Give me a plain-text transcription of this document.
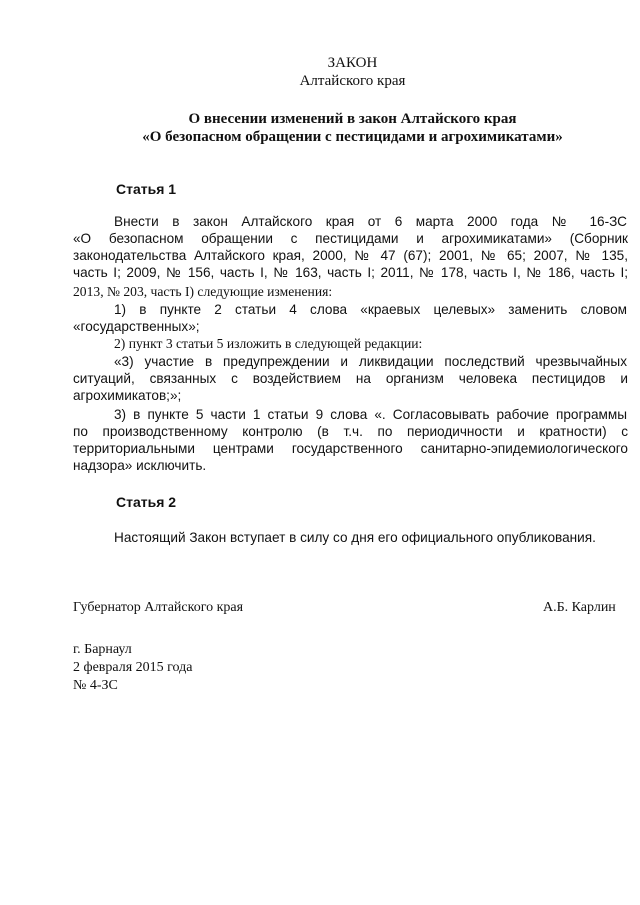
ЗАКОН
Алтайского края
О внесении изменений в закон Алтайского края
«О безопасном обращении с пестицидами и агрохимикатами»
Статья 1
Внести в закон Алтайского края от 6 марта 2000 года № 16-ЗС
«О безопасном обращении с пестицидами и агрохимикатами» (Сборник
законодательства Алтайского края, 2000, № 47 (67); 2001, № 65; 2007, № 135,
часть I; 2009, № 156, часть I, № 163, часть I; 2011, № 178, часть I, № 186, часть I;
2013, № 203, часть I) следующие изменения:
1) в пункте 2 статьи 4 слова «краевых целевых» заменить словом
«государственных»;
2) пункт 3 статьи 5 изложить в следующей редакции:
«3) участие в предупреждении и ликвидации последствий чрезвычайных
ситуаций, связанных с воздействием на организм человека пестицидов и
агрохимикатов;»;
3) в пункте 5 части 1 статьи 9 слова «. Согласовывать рабочие программы
по производственному контролю (в т.ч. по периодичности и кратности) с
территориальными центрами государственного санитарно-эпидемиологического
надзора» исключить.
Статья 2
Настоящий Закон вступает в силу со дня его официального опубликования.
Губернатор Алтайского края	А.Б. Карлин
г. Барнаул
2 февраля 2015 года
№ 4-ЗС
